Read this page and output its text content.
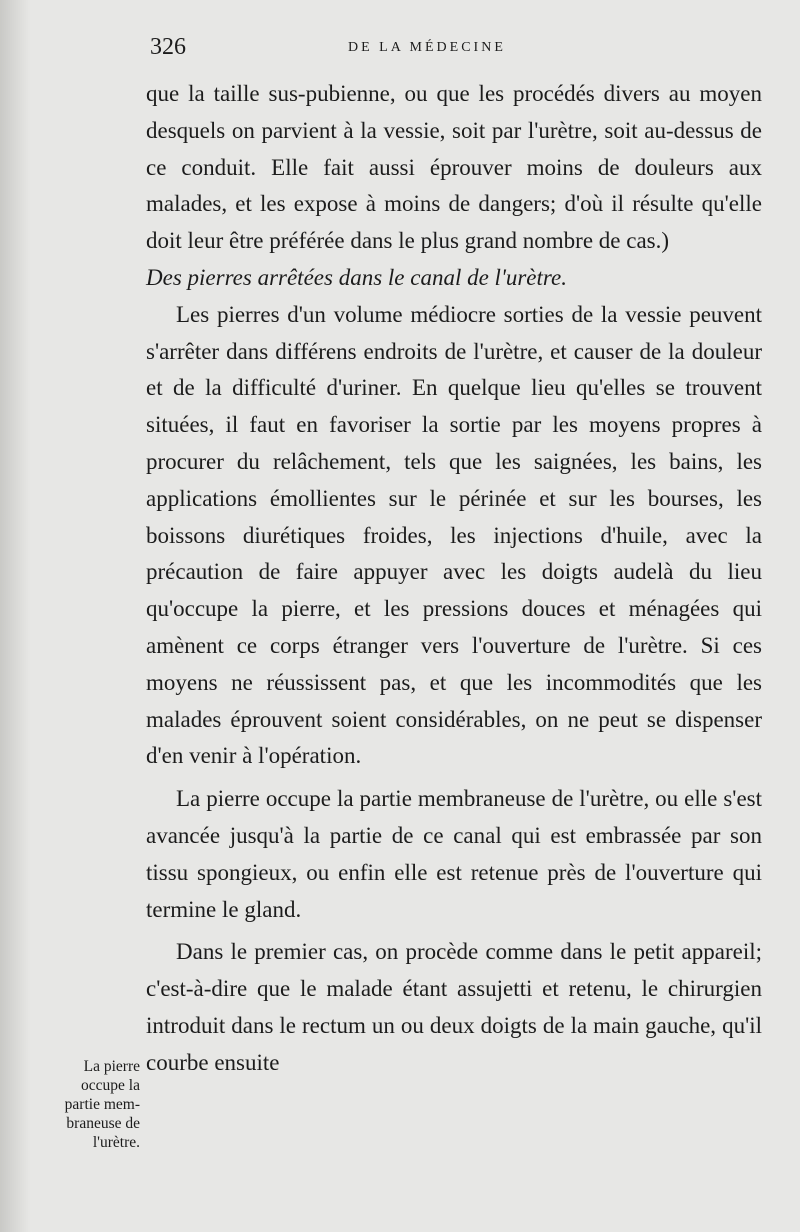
326	DE LA MÉDECINE

que la taille sus-pubienne, ou que les procédés divers au moyen desquels on parvient à la vessie, soit par l'urètre, soit au-dessus de ce conduit. Elle fait aussi éprouver moins de douleurs aux malades, et les expose à moins de dangers; d'où il résulte qu'elle doit leur être préférée dans le plus grand nombre de cas.)

Des pierres arrêtées dans le canal de l'urètre.

Les pierres d'un volume médiocre sorties de la vessie peuvent s'arrêter dans différens endroits de l'urètre, et causer de la douleur et de la difficulté d'uriner. En quelque lieu qu'elles se trouvent situées, il faut en favoriser la sortie par les moyens propres à procurer du relâchement, tels que les saignées, les bains, les applications émollientes sur le périnée et sur les bourses, les boissons diurétiques froides, les injections d'huile, avec la précaution de faire appuyer avec les doigts audelà du lieu qu'occupe la pierre, et les pressions douces et ménagées qui amènent ce corps étranger vers l'ouverture de l'urètre. Si ces moyens ne réussissent pas, et que les incommodités que les malades éprouvent soient considérables, on ne peut se dispenser d'en venir à l'opération.

La pierre occupe la partie membraneuse de l'urètre, ou elle s'est avancée jusqu'à la partie de ce canal qui est embrassée par son tissu spongieux, ou enfin elle est retenue près de l'ouverture qui termine le gland.

Dans le premier cas, on procède comme dans le petit appareil; c'est-à-dire que le malade étant assujetti et retenu, le chirurgien introduit dans le rectum un ou deux doigts de la main gauche, qu'il courbe ensuite

La pierre
occupe la
partie mem-
braneuse de
l'urètre.
